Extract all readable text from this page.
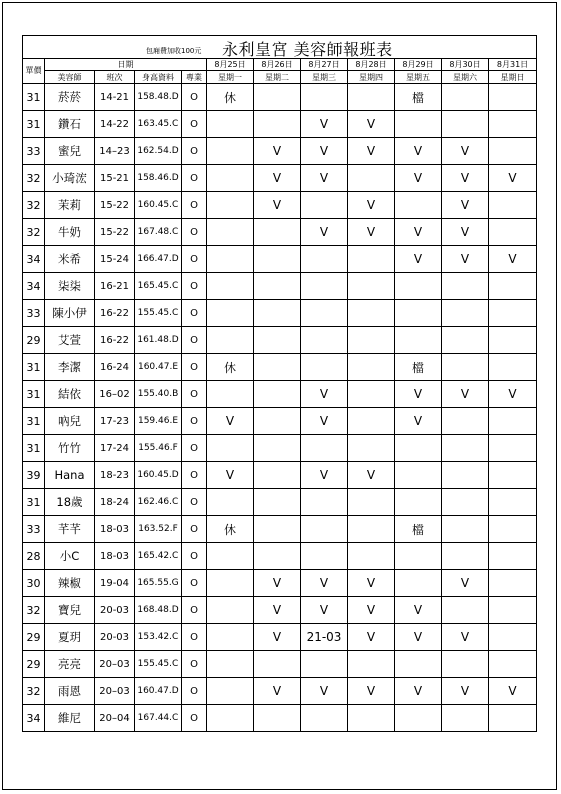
包廂費加收100元 永利皇宮 美容師報班表											

單價	日期				8月25日	8月26日	8月27日	8月28日	8月29日	8月30日	8月31日
	美容師	班次	身高資料	專業	星期一	星期二	星期三	星期四	星期五	星期六	星期日
31	菸菸	14-21	158.48.D	O	休				檔		
31	鑽石	14-22	163.45.C	O			V	V			
33	蜜兒	14–23	162.54.D	O		V	V	V	V	V	
32	小琦浤	15-21	158.46.D	O		V	V		V	V	V
32	茉莉	15-22	160.45.C	O		V		V		V	
32	牛奶	15-22	167.48.C	O			V	V	V	V	
34	米希	15-24	166.47.D	O					V	V	V
34	柒柒	16-21	165.45.C	O							
33	陳小伊	16-22	155.45.C	O							
29	艾萱	16-22	161.48.D	O							
31	李潔	16-24	160.47.E	O	休				檔		
31	結依	16–02	155.40.B	O			V		V	V	V
31	吶兒	17-23	159.46.E	O	V		V		V		
31	竹竹	17-24	155.46.F	O							
39	Hana	18-23	160.45.D	O	V		V	V			
31	18歲	18-24	162.46.C	O							
33	芊芊	18-03	163.52.F	O	休				檔		
28	小C	18-03	165.42.C	O							
30	辣椒	19-04	165.55.G	O		V	V	V		V	
32	寶兒	20-03	168.48.D	O		V	V	V	V		
29	夏玥	20-03	153.42.C	O		V	21-03	V	V	V	
29	亮亮	20–03	155.45.C	O							
32	雨恩	20–03	160.47.D	O		V	V	V	V	V	V
34	維尼	20–04	167.44.C	O							
